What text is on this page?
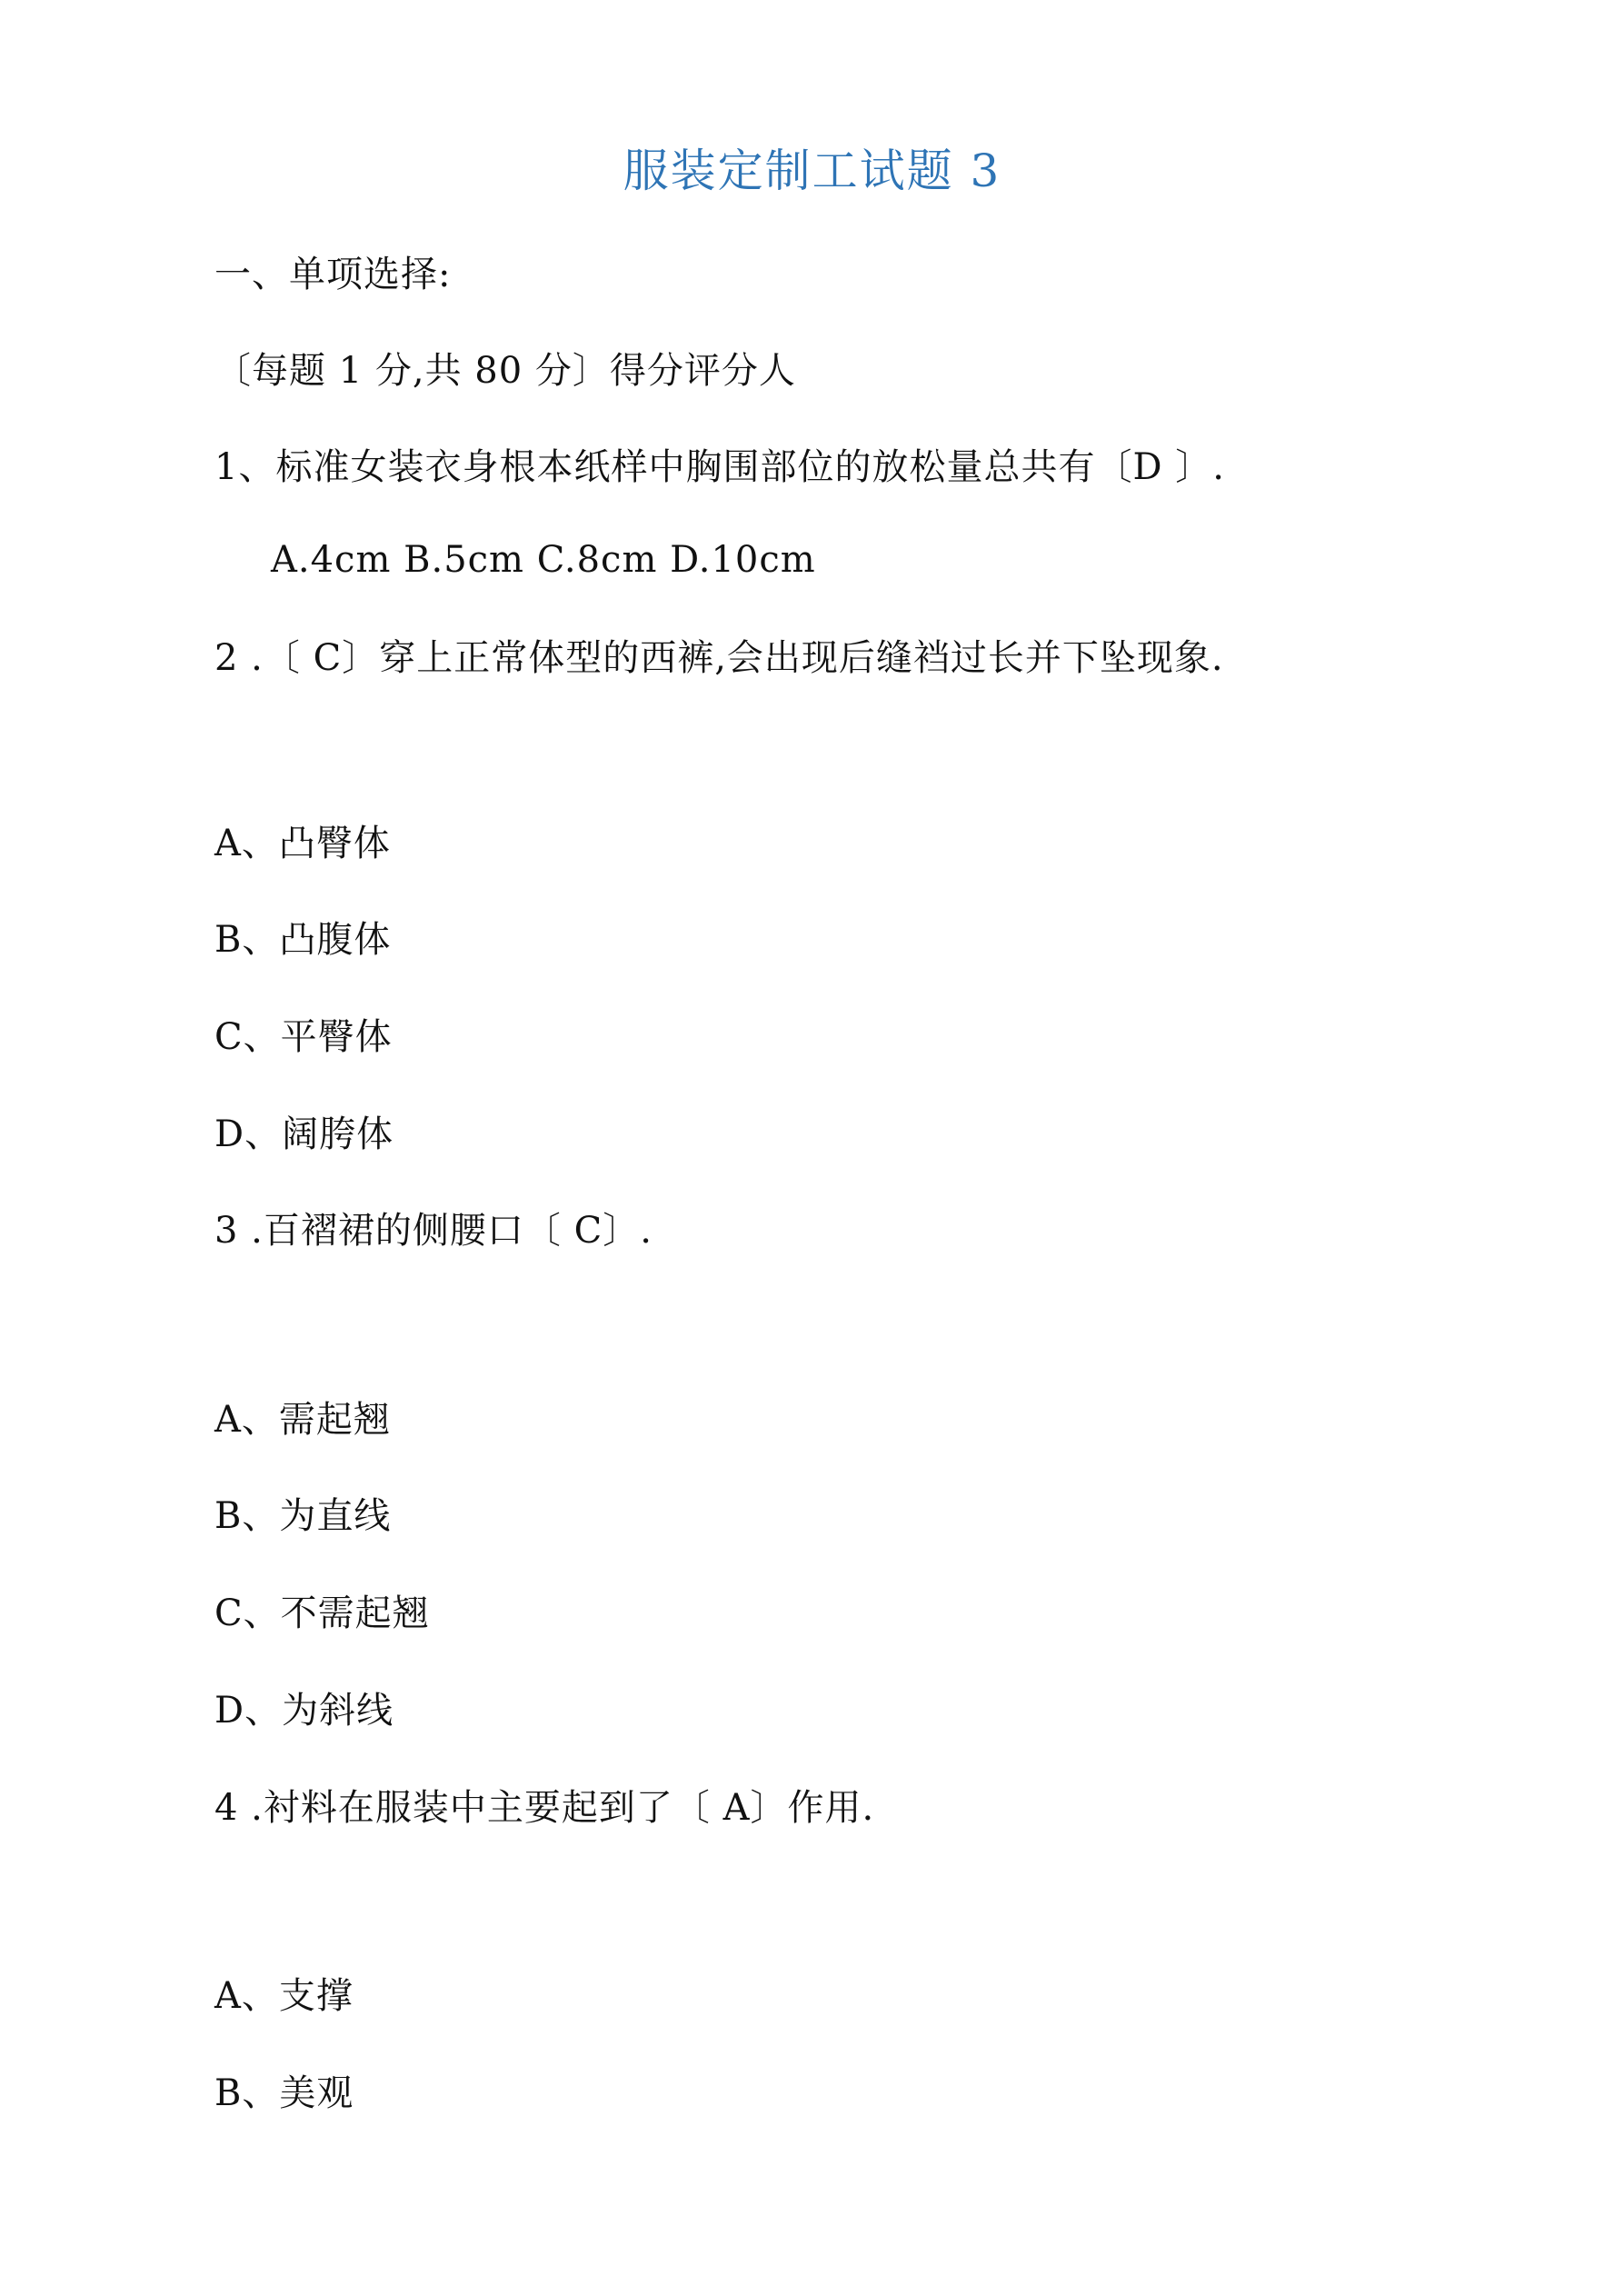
服装定制工试题 3
一、单项选择:
〔每题 1 分,共 80 分〕得分评分人
1、标准女装衣身根本纸样中胸围部位的放松量总共有〔D 〕.
A.4cm B.5cm C.8cm D.10cm
2 .〔 C〕穿上正常体型的西裤,会出现后缝裆过长并下坠现象.
A、凸臀体
B、凸腹体
C、平臀体
D、阔胯体
3 .百褶裙的侧腰口〔 C〕.
A、需起翘
B、为直线
C、不需起翘
D、为斜线
4 .衬料在服装中主要起到了〔 A〕作用.
A、支撑
B、美观
